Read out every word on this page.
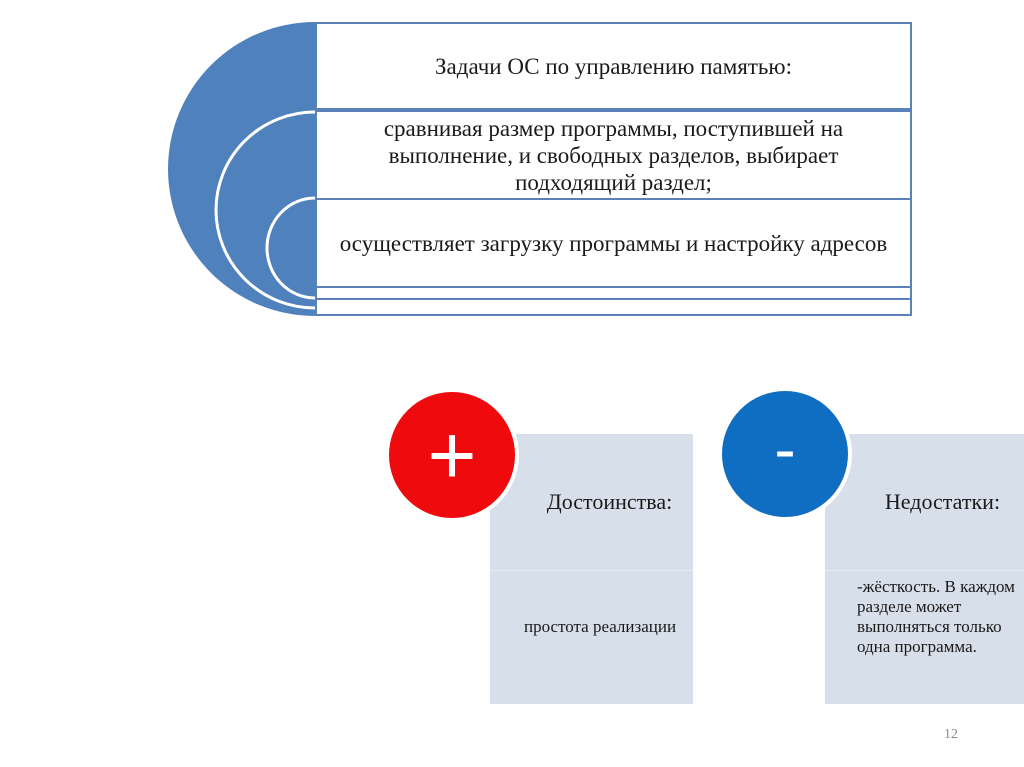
Задачи ОС по управлению памятью:
сравнивая размер программы, поступившей на выполнение, и свободных разделов, выбирает подходящий раздел;
осуществляет загрузку программы и настройку адресов
Достоинства:
простота реализации
+	Недостатки:
-жёсткость. В каждом разделе может выполняться только одна программа.
-
12
